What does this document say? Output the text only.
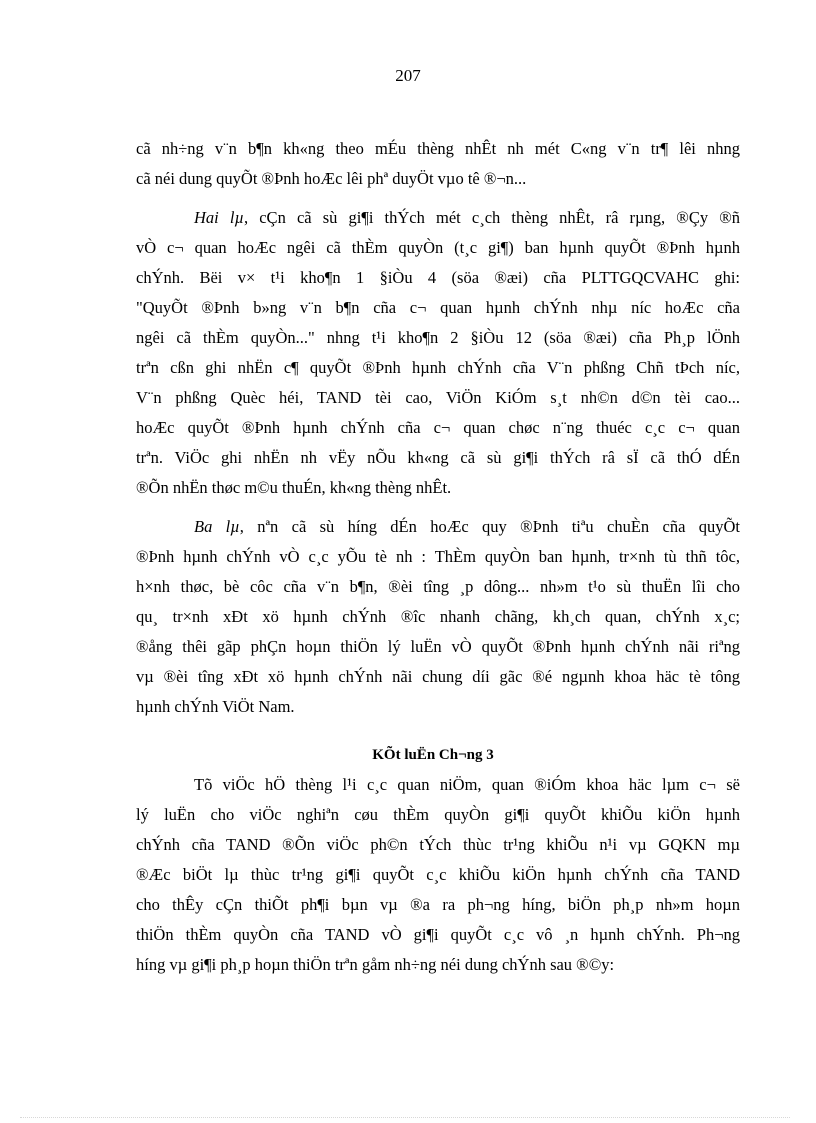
207
cã nh÷ng v¨n b¶n kh«ng theo mÉu thèng nhÊt nh mét C«ng v¨n tr¶ lêi nhng
cã néi dung quyÕt ®Þnh hoÆc lêi phª duyÖt vµo tê ®¬n...
Hai lµ, cÇn cã sù gi¶i thÝch mét c¸ch thèng nhÊt, râ rµng, ®Çy ®ñ
vÒ c¬ quan hoÆc ngêi cã thÈm quyÒn (t¸c gi¶) ban hµnh quyÕt ®Þnh hµnh
chÝnh. Bëi v× t¹i kho¶n 1 §iÒu 4 (söa ®æi) cña PLTTGQCVAHC ghi:
"QuyÕt ®Þnh b»ng v¨n b¶n cña c¬ quan hµnh chÝnh nhµ níc hoÆc cña
ngêi cã thÈm quyÒn..." nhng t¹i kho¶n 2 §iÒu 12 (söa ®æi) cña Ph¸p lÖnh
trªn cßn ghi nhËn c¶ quyÕt ®Þnh hµnh chÝnh cña V¨n phßng Chñ tÞch níc,
V¨n phßng Quèc héi, TAND tèi cao, ViÖn KiÓm s¸t nh©n d©n tèi cao...
hoÆc quyÕt ®Þnh hµnh chÝnh cña c¬ quan chøc n¨ng thuéc c¸c c¬ quan
trªn. ViÖc ghi nhËn nh vËy nÕu kh«ng cã sù gi¶i thÝch râ sÏ cã thÓ dÉn
®Õn nhËn thøc m©u thuÉn, kh«ng thèng nhÊt.
Ba lµ, nªn cã sù híng dÉn hoÆc quy ®Þnh tiªu chuÈn cña quyÕt
®Þnh hµnh chÝnh vÒ c¸c yÕu tè nh : ThÈm quyÒn ban hµnh, tr×nh tù thñ tôc,
h×nh thøc, bè côc cña v¨n b¶n, ®èi tîng ¸p dông... nh»m t¹o sù thuËn lîi cho
qu¸ tr×nh xÐt xö hµnh chÝnh ®îc nhanh chãng, kh¸ch quan, chÝnh x¸c;
®ång thêi gãp phÇn hoµn thiÖn lý luËn vÒ quyÕt ®Þnh hµnh chÝnh nãi riªng
vµ ®èi tîng xÐt xö hµnh chÝnh nãi chung díi gãc ®é ngµnh khoa häc tè tông
hµnh chÝnh ViÖt Nam.
KÕt luËn Ch¬ng 3
Tõ viÖc hÖ thèng l¹i c¸c quan niÖm, quan ®iÓm khoa häc lµm c¬ së
lý luËn cho viÖc nghiªn cøu thÈm quyÒn gi¶i quyÕt khiÕu kiÖn hµnh
chÝnh cña TAND ®Õn viÖc ph©n tÝch thùc tr¹ng khiÕu n¹i vµ GQKN mµ
®Æc biÖt lµ thùc tr¹ng gi¶i quyÕt c¸c khiÕu kiÖn hµnh chÝnh cña TAND
cho thÊy cÇn thiÕt ph¶i bµn vµ ®a ra ph¬ng híng, biÖn ph¸p nh»m hoµn
thiÖn thÈm quyÒn cña TAND vÒ gi¶i quyÕt c¸c vô ¸n hµnh chÝnh. Ph¬ng
híng vµ gi¶i ph¸p hoµn thiÖn trªn gåm nh÷ng néi dung chÝnh sau ®©y:
